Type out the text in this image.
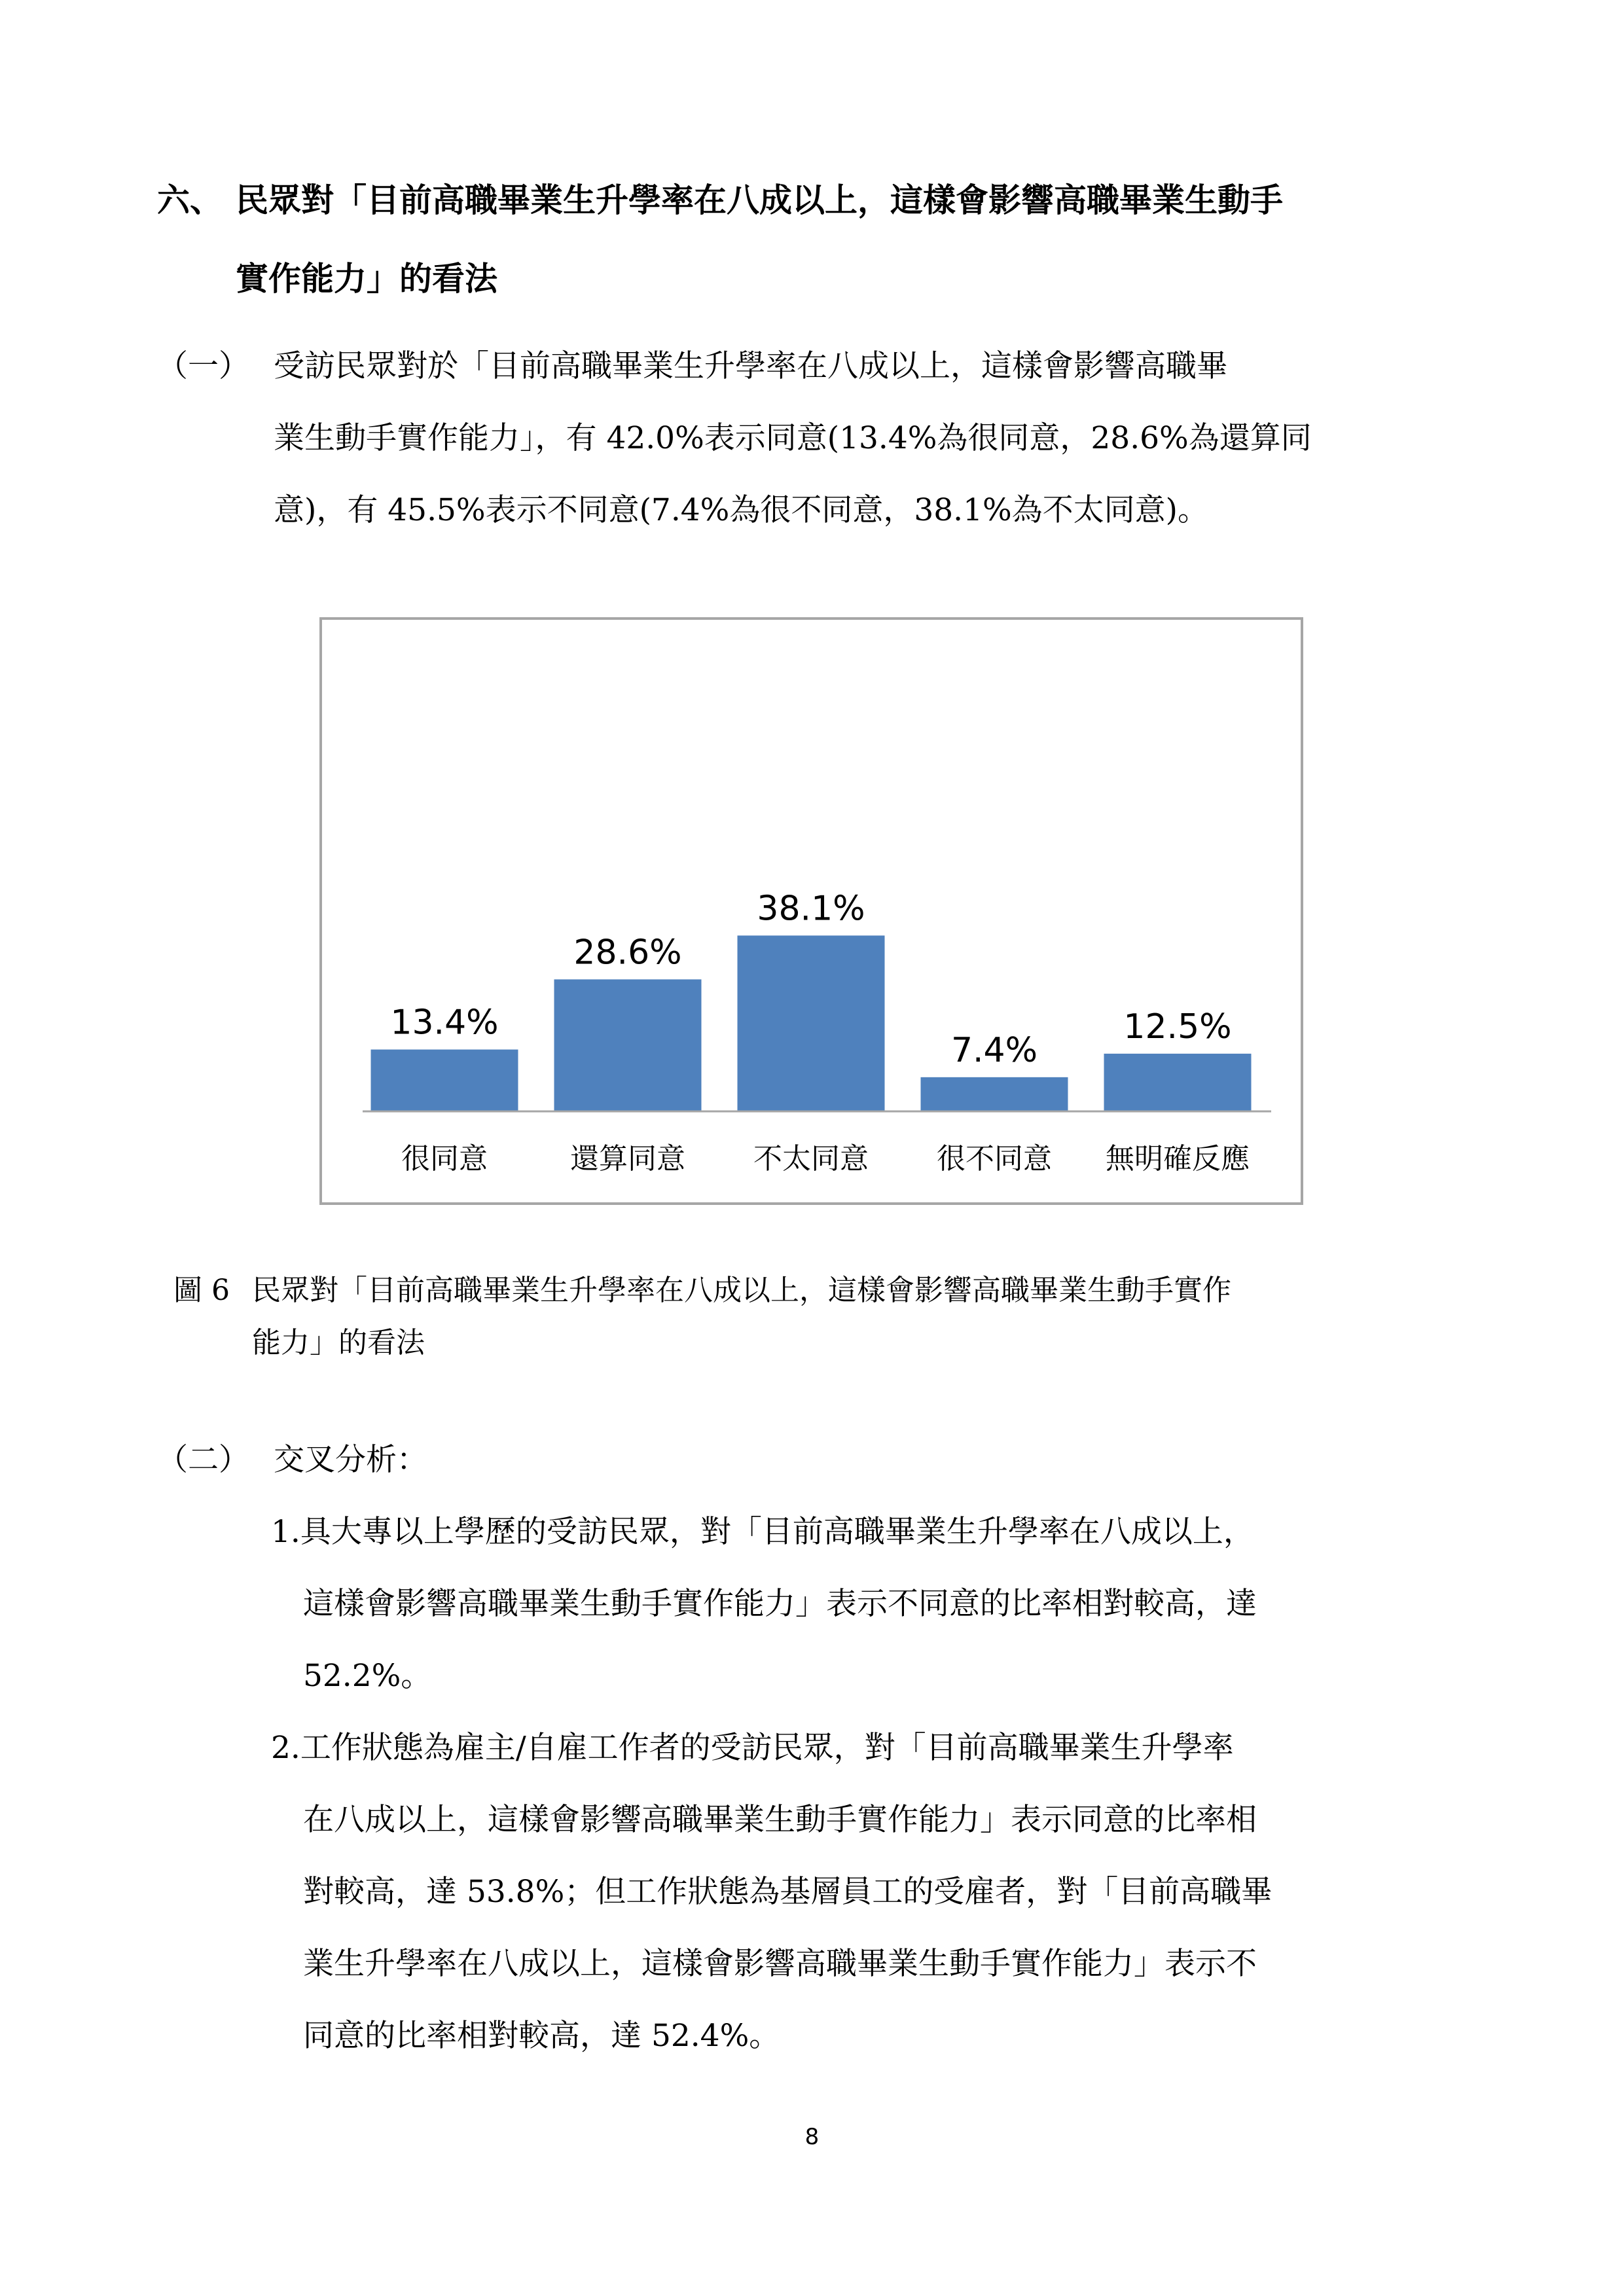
六、 民眾對「目前高職畢業生升學率在八成以上，這樣會影響高職畢業生動手
實作能力」的看法
（一） 受訪民眾對於「目前高職畢業生升學率在八成以上，這樣會影響高職畢
業生動手實作能力」，有 42.0%表示同意(13.4%為很同意，28.6%為還算同
意)，有 45.5%表示不同意(7.4%為很不同意，38.1%為不太同意)。
13.4%
28.6%
38.1%
7.4%
12.5%
很同意	還算同意 不太同意 很不同意 無明確反應
圖 6 民眾對「目前高職畢業生升學率在八成以上，這樣會影響高職畢業生動手實作
能力」的看法
（二） 交叉分析：
1.具大專以上學歷的受訪民眾，對「目前高職畢業生升學率在八成以上，
這樣會影響高職畢業生動手實作能力」表示不同意的比率相對較高，達
52.2%。
2.工作狀態為雇主/自雇工作者的受訪民眾，對「目前高職畢業生升學率
在八成以上，這樣會影響高職畢業生動手實作能力」表示同意的比率相
對較高，達 53.8%；但工作狀態為基層員工的受雇者，對「目前高職畢
業生升學率在八成以上，這樣會影響高職畢業生動手實作能力」表示不
同意的比率相對較高，達 52.4%。
8
